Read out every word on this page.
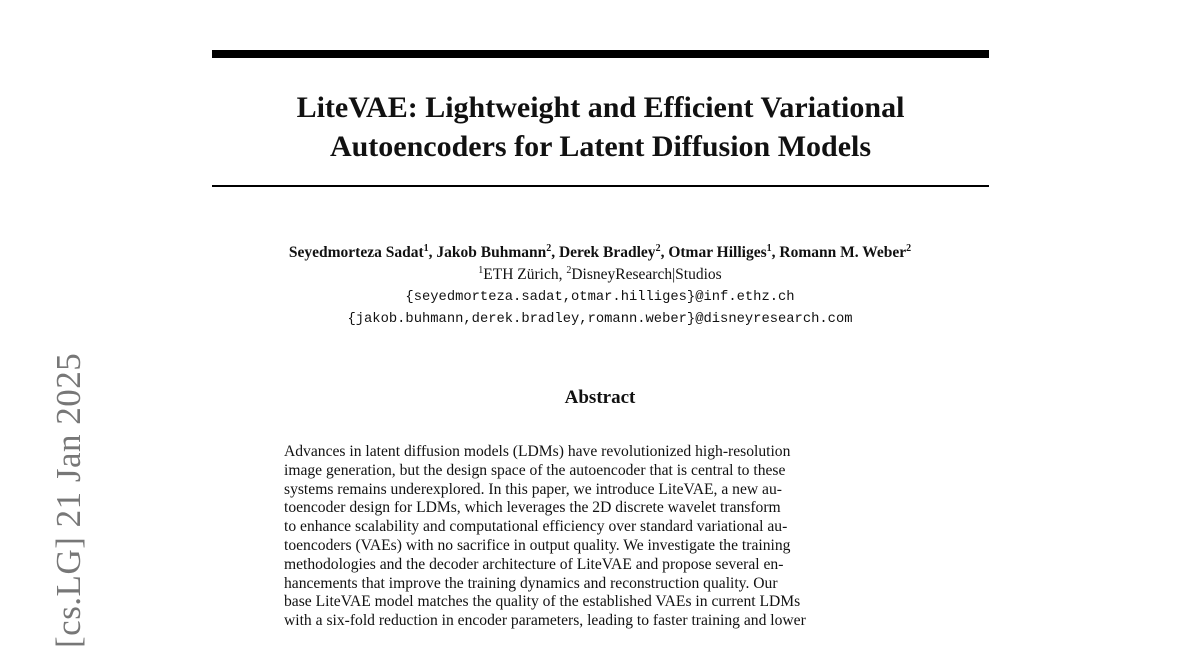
LiteVAE: Lightweight and Efficient Variational
Autoencoders for Latent Diffusion Models
Seyedmorteza Sadat$^1$, Jakob Buhmann$^2$, Derek Bradley$^2$, Otmar Hilliges$^1$, Romann M. Weber$^2$
$^1$ETH Zürich, $^2$DisneyResearch|Studios
{seyedmorteza.sadat,otmar.hilliges}@inf.ethz.ch
{jakob.buhmann,derek.bradley,romann.weber}@disneyresearch.com
Abstract
Advances in latent diffusion models (LDMs) have revolutionized high-resolution
image generation, but the design space of the autoencoder that is central to these
systems remains underexplored. In this paper, we introduce LiteVAE, a new au-
toencoder design for LDMs, which leverages the 2D discrete wavelet transform
to enhance scalability and computational efficiency over standard variational au-
toencoders (VAEs) with no sacrifice in output quality. We investigate the training
methodologies and the decoder architecture of LiteVAE and propose several en-
hancements that improve the training dynamics and reconstruction quality. Our
base LiteVAE model matches the quality of the established VAEs in current LDMs
with a six-fold reduction in encoder parameters, leading to faster training and lower
[cs.LG] 21 Jan 2025
